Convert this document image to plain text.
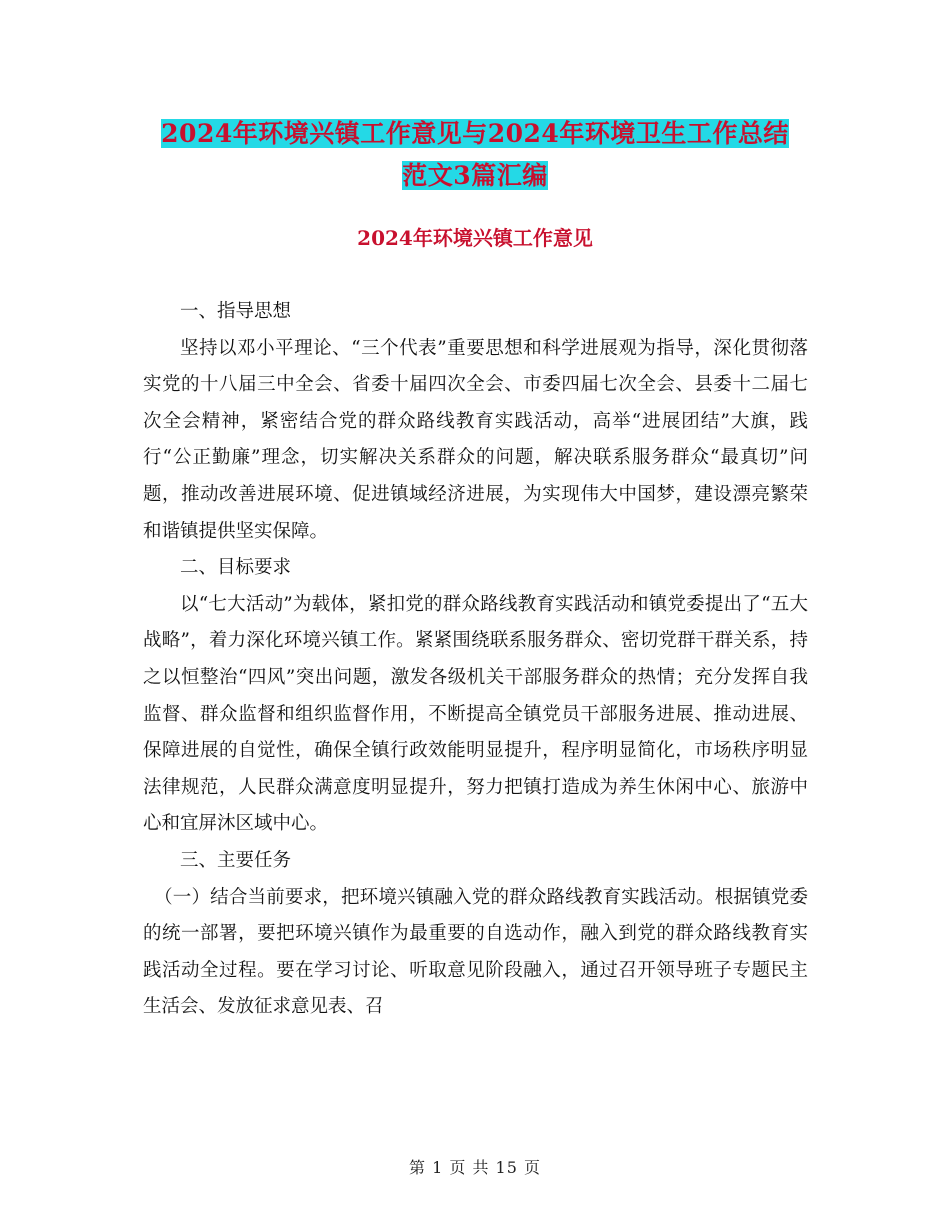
2024年环境兴镇工作意见与2024年环境卫生工作总结
范文3篇汇编
2024年环境兴镇工作意见

一、指导思想

坚持以邓小平理论、“三个代表”重要思想和科学进展观为指导，深化贯彻落实党的十八届三中全会、省委十届四次全会、市委四届七次全会、县委十二届七次全会精神，紧密结合党的群众路线教育实践活动，高举“进展团结”大旗，践行“公正勤廉”理念，切实解决关系群众的问题，解决联系服务群众“最真切”问题，推动改善进展环境、促进镇域经济进展，为实现伟大中国梦，建设漂亮繁荣和谐镇提供坚实保障。

二、目标要求

以“七大活动”为载体，紧扣党的群众路线教育实践活动和镇党委提出了“五大战略”，着力深化环境兴镇工作。紧紧围绕联系服务群众、密切党群干群关系，持之以恒整治“四风”突出问题，激发各级机关干部服务群众的热情；充分发挥自我监督、群众监督和组织监督作用，不断提高全镇党员干部服务进展、推动进展、保障进展的自觉性，确保全镇行政效能明显提升，程序明显简化，市场秩序明显法律规范，人民群众满意度明显提升，努力把镇打造成为养生休闲中心、旅游中心和宜屏沐区域中心。

三、主要任务

（一）结合当前要求，把环境兴镇融入党的群众路线教育实践活动。根据镇党委的统一部署，要把环境兴镇作为最重要的自选动作，融入到党的群众路线教育实践活动全过程。要在学习讨论、听取意见阶段融入，通过召开领导班子专题民主生活会、发放征求意见表、召

第 1 页 共 15 页
